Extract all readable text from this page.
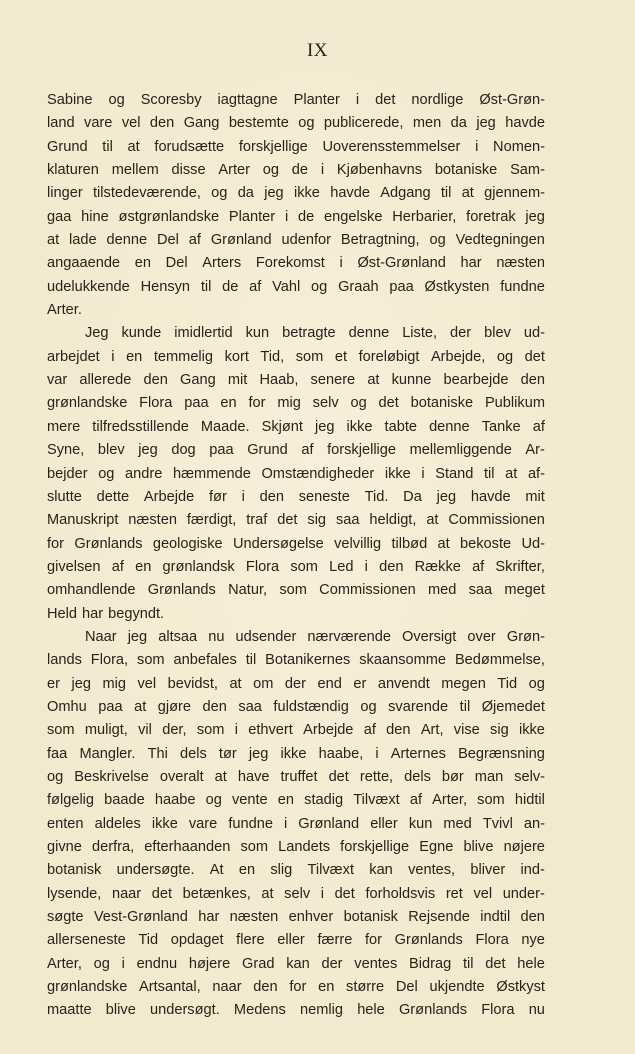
IX
Sabine og Scoresby iagttagne Planter i det nordlige Øst-Grøn-
land vare vel den Gang bestemte og publicerede, men da jeg havde
Grund til at forudsætte forskjellige Uoverensstemmelser i Nomen-
klaturen mellem disse Arter og de i Kjøbenhavns botaniske Sam-
linger tilstedeværende, og da jeg ikke havde Adgang til at gjennem-
gaa hine østgrønlandske Planter i de engelske Herbarier, foretrak jeg
at lade denne Del af Grønland udenfor Betragtning, og Vedtegningen
angaaende en Del Arters Forekomst i Øst-Grønland har næsten
udelukkende Hensyn til de af Vahl og Graah paa Østkysten fundne
Arter.
Jeg kunde imidlertid kun betragte denne Liste, der blev ud-
arbejdet i en temmelig kort Tid, som et foreløbigt Arbejde, og det
var allerede den Gang mit Haab, senere at kunne bearbejde den
grønlandske Flora paa en for mig selv og det botaniske Publikum
mere tilfredsstillende Maade. Skjønt jeg ikke tabte denne Tanke af
Syne, blev jeg dog paa Grund af forskjellige mellemliggende Ar-
bejder og andre hæmmende Omstændigheder ikke i Stand til at af-
slutte dette Arbejde før i den seneste Tid. Da jeg havde mit
Manuskript næsten færdigt, traf det sig saa heldigt, at Commissionen
for Grønlands geologiske Undersøgelse velvillig tilbød at bekoste Ud-
givelsen af en grønlandsk Flora som Led i den Række af Skrifter,
omhandlende Grønlands Natur, som Commissionen med saa meget
Held har begyndt.
Naar jeg altsaa nu udsender nærværende Oversigt over Grøn-
lands Flora, som anbefales til Botanikernes skaansomme Bedømmelse,
er jeg mig vel bevidst, at om der end er anvendt megen Tid og
Omhu paa at gjøre den saa fuldstændig og svarende til Øjemedet
som muligt, vil der, som i ethvert Arbejde af den Art, vise sig ikke
faa Mangler. Thi dels tør jeg ikke haabe, i Arternes Begrænsning
og Beskrivelse overalt at have truffet det rette, dels bør man selv-
følgelig baade haabe og vente en stadig Tilvæxt af Arter, som hidtil
enten aldeles ikke vare fundne i Grønland eller kun med Tvivl an-
givne derfra, efterhaanden som Landets forskjellige Egne blive nøjere
botanisk undersøgte. At en slig Tilvæxt kan ventes, bliver ind-
lysende, naar det betænkes, at selv i det forholdsvis ret vel under-
søgte Vest-Grønland har næsten enhver botanisk Rejsende indtil den
allerseneste Tid opdaget flere eller færre for Grønlands Flora nye
Arter, og i endnu højere Grad kan der ventes Bidrag til det hele
grønlandske Artsantal, naar den for en større Del ukjendte Østkyst
maatte blive undersøgt. Medens nemlig hele Grønlands Flora nu
